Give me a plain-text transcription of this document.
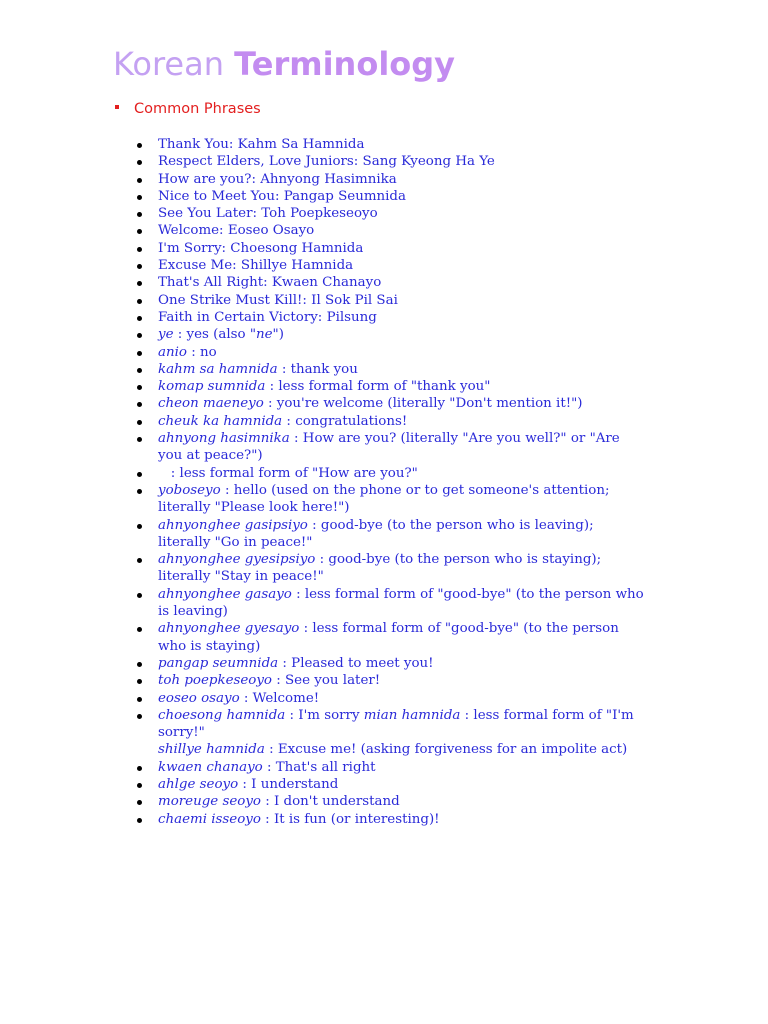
Korean Terminology
Common Phrases
Thank You: Kahm Sa Hamnida
Respect Elders, Love Juniors: Sang Kyeong Ha Ye
How are you?: Ahnyong Hasimnika
Nice to Meet You: Pangap Seumnida
See You Later: Toh Poepkeseoyo
Welcome: Eoseo Osayo
I'm Sorry: Choesong Hamnida
Excuse Me: Shillye Hamnida
That's All Right: Kwaen Chanayo
One Strike Must Kill!: Il Sok Pil Sai
Faith in Certain Victory: Pilsung
ye : yes (also "ne")
anio : no
kahm sa hamnida : thank you
komap sumnida : less formal form of "thank you"
cheon maeneyo : you're welcome (literally "Don't mention it!")
cheuk ka hamnida : congratulations!
ahnyong hasimnika : How are you? (literally "Are you well?" or "Are you at peace?")
: less formal form of "How are you?"
yoboseyo : hello (used on the phone or to get someone's attention; literally "Please look here!")
ahnyonghee gasipsiyo : good-bye (to the person who is leaving); literally "Go in peace!"
ahnyonghee gyesipsiyo : good-bye (to the person who is staying); literally "Stay in peace!"
ahnyonghee gasayo : less formal form of "good-bye" (to the person who is leaving)
ahnyonghee gyesayo : less formal form of "good-bye" (to the person who is staying)
pangap seumnida : Pleased to meet you!
toh poepkeseoyo : See you later!
eoseo osayo : Welcome!
choesong hamnida : I'm sorry mian hamnida : less formal form of "I'm sorry!"
shillye hamnida : Excuse me! (asking forgiveness for an impolite act)
kwaen chanayo : That's all right
ahlge seoyo : I understand
moreuge seoyo : I don't understand
chaemi isseoyo : It is fun (or interesting)!
